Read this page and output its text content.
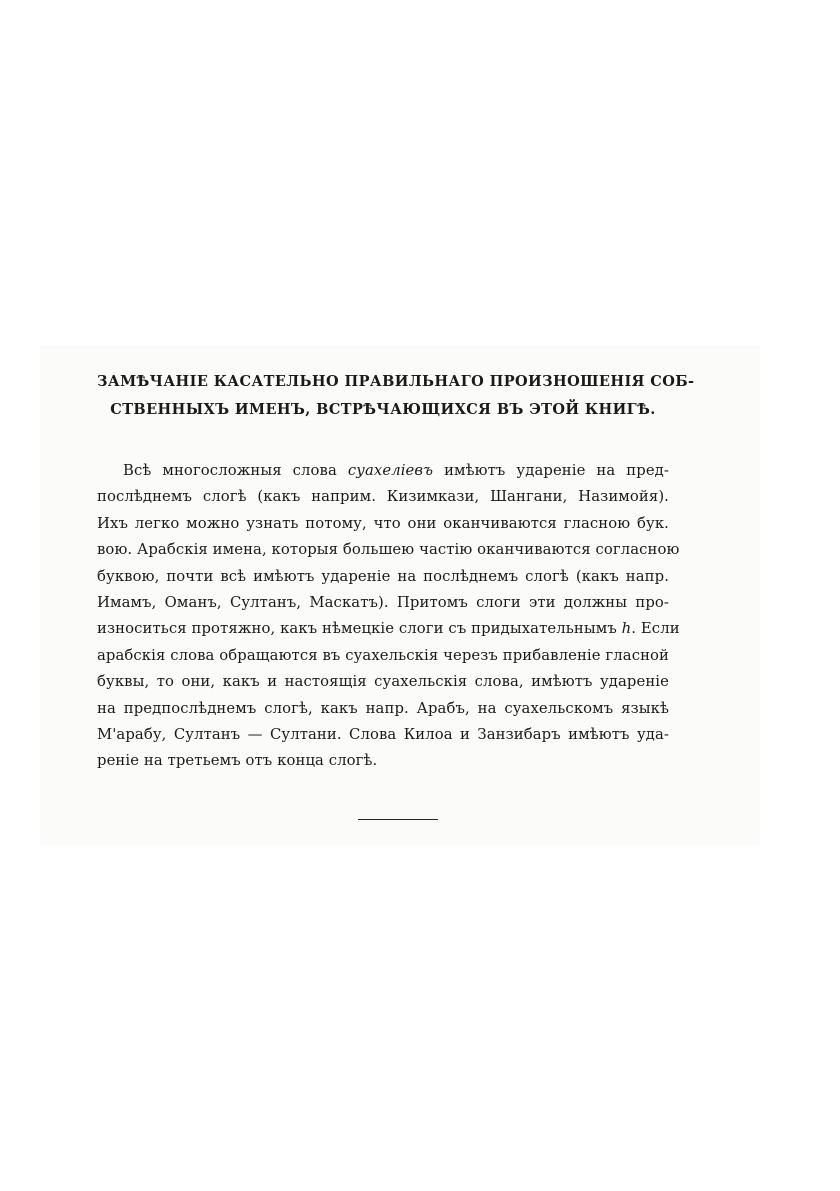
ЗАМѢЧАНІЕ КАСАТЕЛЬНО ПРАВИЛЬНАГО ПРОИЗНОШЕНІЯ СОБ-
СТВЕННЫХЪ ИМЕНЪ, ВСТРѢЧАЮЩИХСЯ ВЪ ЭТОЙ КНИГѢ.
Всѣ многосложныя слова суахеліевъ имѣютъ удареніе на пред-
послѣднемъ слогѣ (какъ наприм. Кизимкази, Шангани, Назимойя).
Ихъ легко можно узнать потому, что они оканчиваются гласною бук.
вою. Арабскія имена, которыя большею частію оканчиваются согласною
буквою, почти всѣ имѣютъ удареніе на послѣднемъ слогѣ (какъ напр.
Имамъ, Оманъ, Султанъ, Маскатъ). Притомъ слоги эти должны про-
износиться протяжно, какъ нѣмецкіе слоги съ придыхательнымъ h. Если
арабскія слова обращаются въ суахельскія черезъ прибавленіе гласной
буквы, то они, какъ и настоящія суахельскія слова, имѣютъ удареніе
на предпослѣднемъ слогѣ, какъ напр. Арабъ, на суахельскомъ языкѣ
М'арабу, Султанъ — Султани. Слова Килоа и Занзибаръ имѣютъ уда-
реніе на третьемъ отъ конца слогѣ.
